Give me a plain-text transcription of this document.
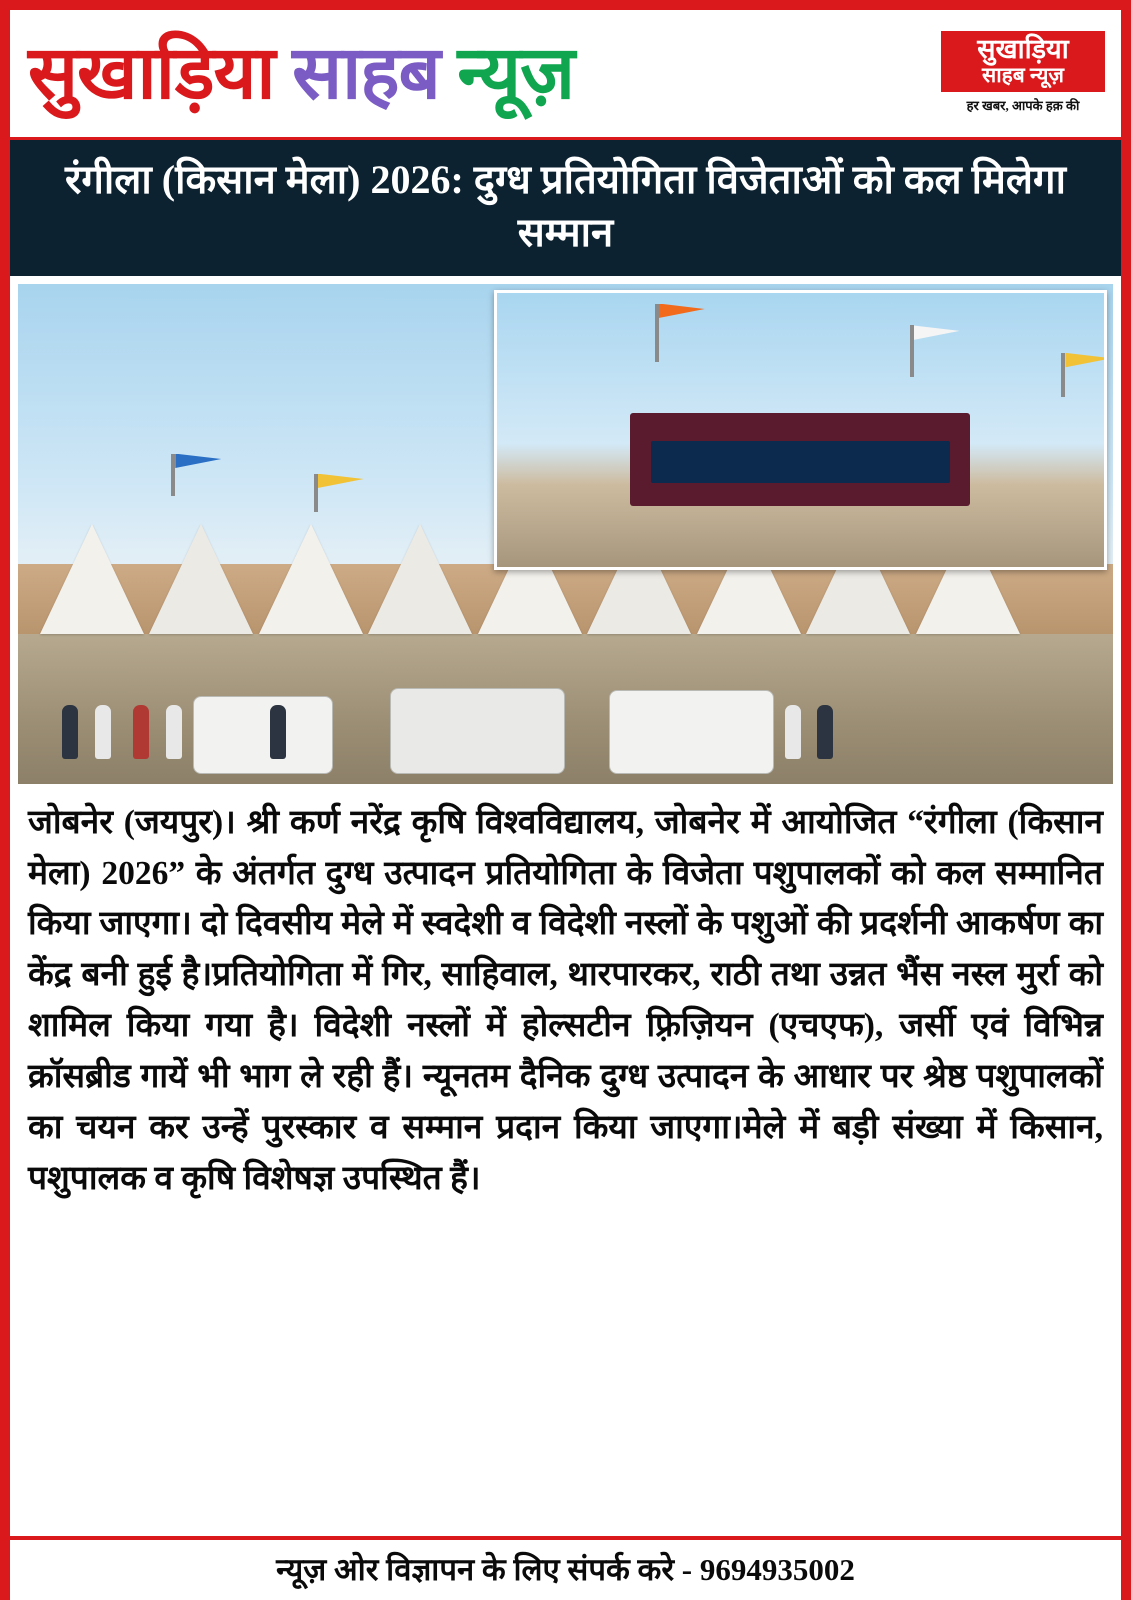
सुखाड़िया साहब न्यूज़	सुखाड़िया
साहब न्यूज़
हर खबर, आपके हक़ की
रंगीला (किसान मेला) 2026: दुग्ध प्रतियोगिता विजेताओं को कल मिलेगा सम्मान

जोबनेर (जयपुर)। श्री कर्ण नरेंद्र कृषि विश्वविद्यालय, जोबनेर में आयोजित “रंगीला (किसान मेला) 2026” के अंतर्गत दुग्ध उत्पादन प्रतियोगिता के विजेता पशुपालकों को कल सम्मानित किया जाएगा। दो दिवसीय मेले में स्वदेशी व विदेशी नस्लों के पशुओं की प्रदर्शनी आकर्षण का केंद्र बनी हुई है।प्रतियोगिता में गिर, साहिवाल, थारपारकर, राठी तथा उन्नत भैंस नस्ल मुर्रा को शामिल किया गया है। विदेशी नस्लों में होल्सटीन फ़्रिज़ियन (एचएफ), जर्सी एवं विभिन्न क्रॉसब्रीड गायें भी भाग ले रही हैं। न्यूनतम दैनिक दुग्ध उत्पादन के आधार पर श्रेष्ठ पशुपालकों का चयन कर उन्हें पुरस्कार व सम्मान प्रदान किया जाएगा।मेले में बड़ी संख्या में किसान, पशुपालक व कृषि विशेषज्ञ उपस्थित हैं।

न्यूज़ ओर विज्ञापन के लिए संपर्क करे - 9694935002
